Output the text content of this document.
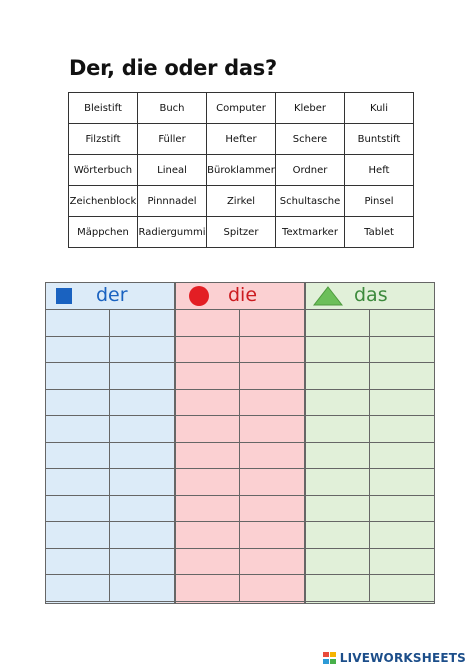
Der, die oder das?
Bleistift	Buch	Computer	Kleber	Kuli
Filzstift	Füller	Hefter	Schere	Buntstift
Wörterbuch	Lineal	Büroklammer	Ordner	Heft
Zeichenblock	Pinnnadel	Zirkel	Schultasche	Pinsel
Mäppchen	Radiergummi	Spitzer	Textmarker	Tablet
der	die	das
LIVEWORKSHEETS
